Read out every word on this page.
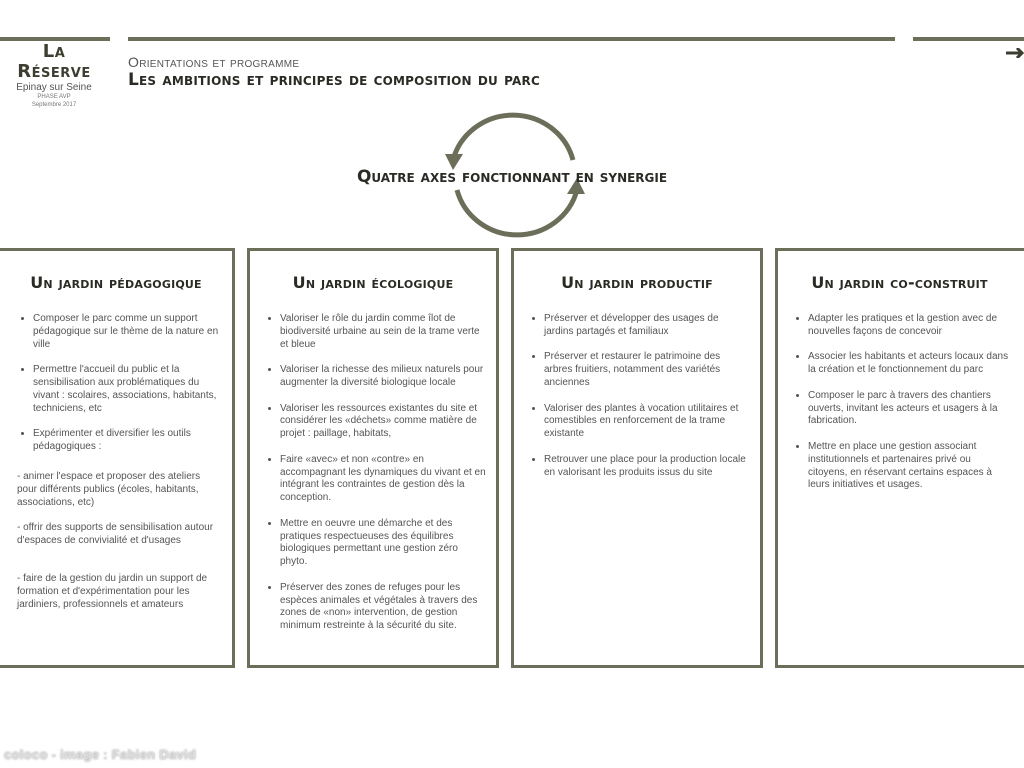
La Réserve
Epinay sur Seine
PHASE AVP
Septembre 2017
Orientations et programme
Les ambitions et principes de composition du parc
Quatre axes fonctionnant en synergie
Un jardin pédagogique
• Composer le parc comme un support pédagogique sur le thème de la nature en ville
• Permettre l'accueil du public et la sensibilisation aux problématiques du vivant : scolaires, associations, habitants, techniciens, etc
• Expérimenter et diversifier les outils pédagogiques :
- animer l'espace et proposer des ateliers pour différents publics (écoles, habitants, associations, etc)
- offrir des supports de sensibilisation autour d'espaces de convivialité et d'usages
- faire de la gestion du jardin un support de formation et d'expérimentation pour les jardiniers, professionnels et amateurs
Un jardin écologique
• Valoriser le rôle du jardin comme îlot de biodiversité urbaine au sein de la trame verte et bleue
• Valoriser la richesse des milieux naturels pour augmenter la diversité biologique locale
• Valoriser les ressources existantes du site et considérer les «déchets» comme matière de projet : paillage, habitats,
• Faire «avec» et non «contre» en accompagnant les dynamiques du vivant et en intégrant les contraintes de gestion dès la conception.
• Mettre en oeuvre une démarche et des pratiques respectueuses des équilibres biologiques permettant une gestion zéro phyto.
• Préserver des zones de refuges pour les espèces animales et végétales à travers des zones de «non» intervention, de gestion minimum restreinte à la sécurité du site.
Un jardin productif
• Préserver et développer des usages de jardins partagés et familiaux
• Préserver et restaurer le patrimoine des arbres fruitiers, notamment des variétés anciennes
• Valoriser des plantes à vocation utilitaires et comestibles en renforcement de la trame existante
• Retrouver une place pour la production locale en valorisant les produits issus du site
Un jardin co-construit
• Adapter les pratiques et la gestion avec de nouvelles façons de concevoir
• Associer les habitants et acteurs locaux dans la création et le fonctionnement du parc
• Composer le parc à travers des chantiers ouverts, invitant les acteurs et usagers à la fabrication.
• Mettre en place une gestion associant institutionnels et partenaires privé ou citoyens, en réservant certains espaces à leurs initiatives et usages.
coloco - image : Fabien David
